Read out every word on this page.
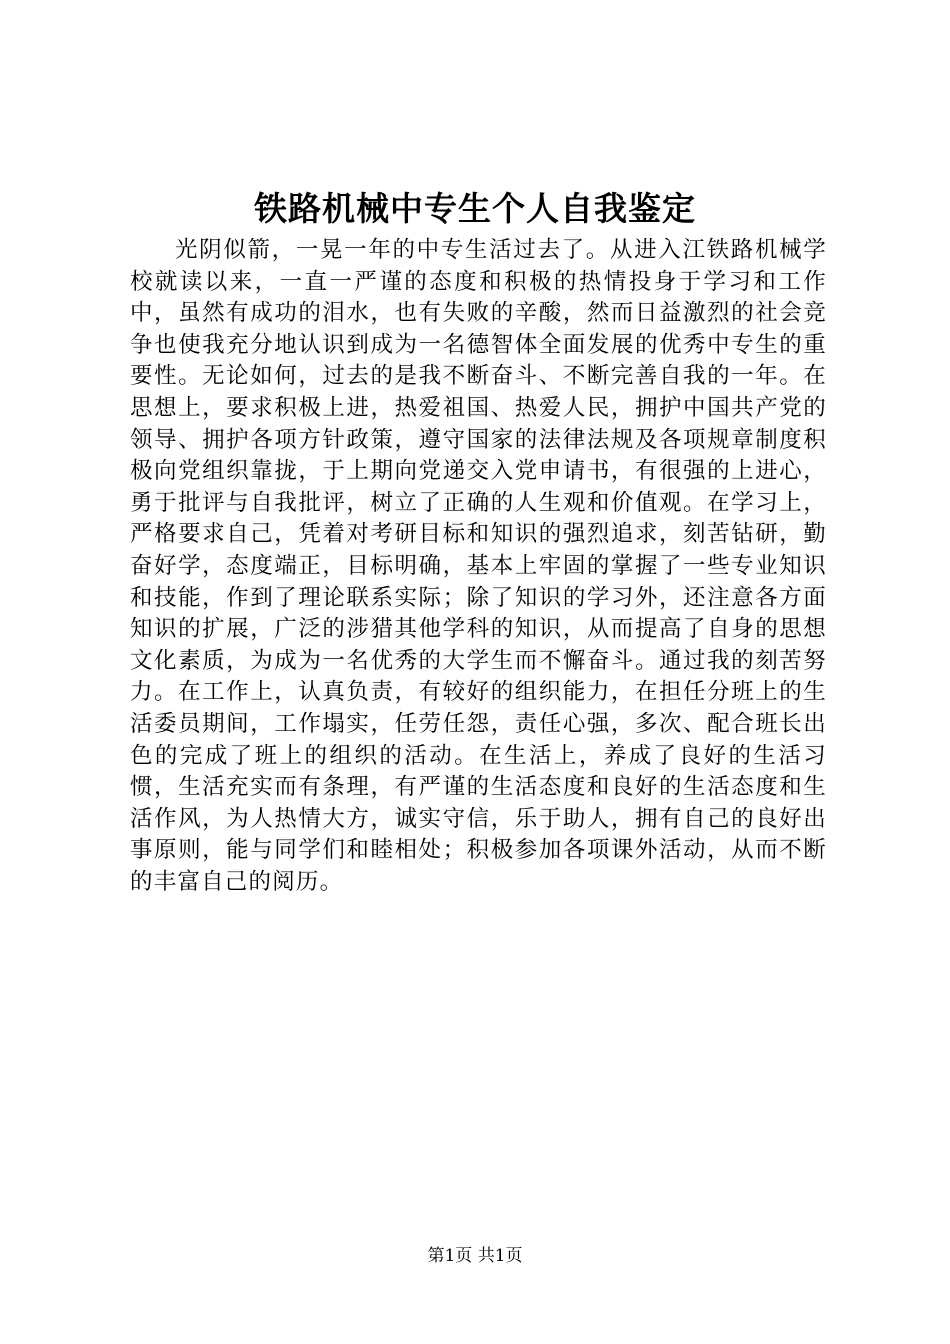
铁路机械中专生个人自我鉴定

光阴似箭，一晃一年的中专生活过去了。从进入江铁路机械学校就读以来，一直一严谨的态度和积极的热情投身于学习和工作中，虽然有成功的泪水，也有失败的辛酸，然而日益激烈的社会竞争也使我充分地认识到成为一名德智体全面发展的优秀中专生的重要性。无论如何，过去的是我不断奋斗、不断完善自我的一年。在思想上，要求积极上进，热爱祖国、热爱人民，拥护中国共产党的领导、拥护各项方针政策，遵守国家的法律法规及各项规章制度积极向党组织靠拢，于上期向党递交入党申请书，有很强的上进心，勇于批评与自我批评，树立了正确的人生观和价值观。在学习上，严格要求自己，凭着对考研目标和知识的强烈追求，刻苦钻研，勤奋好学，态度端正，目标明确，基本上牢固的掌握了一些专业知识和技能，作到了理论联系实际；除了知识的学习外，还注意各方面知识的扩展，广泛的涉猎其他学科的知识，从而提高了自身的思想文化素质，为成为一名优秀的大学生而不懈奋斗。通过我的刻苦努力。在工作上，认真负责，有较好的组织能力，在担任分班上的生活委员期间，工作塌实，任劳任怨，责任心强，多次、配合班长出色的完成了班上的组织的活动。在生活上，养成了良好的生活习惯，生活充实而有条理，有严谨的生活态度和良好的生活态度和生活作风，为人热情大方，诚实守信，乐于助人，拥有自己的良好出事原则，能与同学们和睦相处；积极参加各项课外活动，从而不断的丰富自己的阅历。

第1页 共1页
